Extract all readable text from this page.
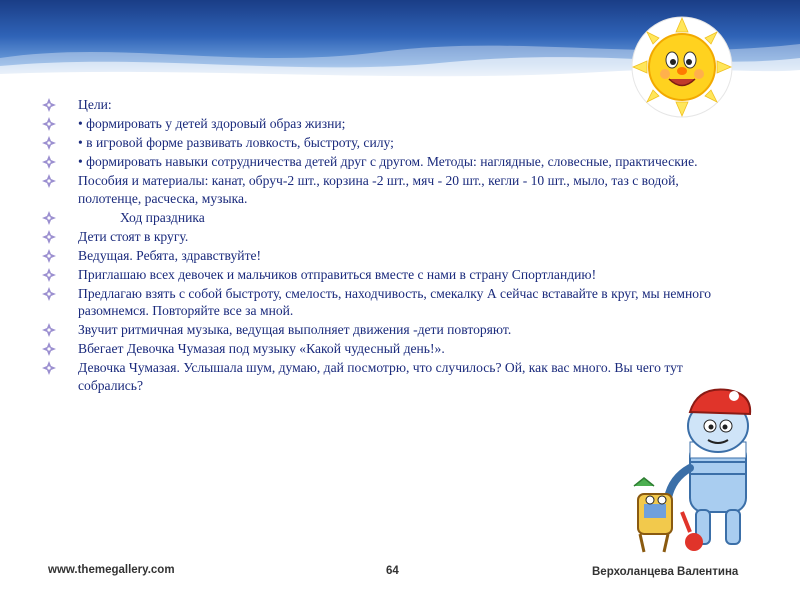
Цели:
• формировать у детей здоровый образ жизни;
• в игровой форме развивать ловкость, быстроту, силу;
• формировать навыки сотрудничества детей друг с другом. Методы: наглядные, словесные, практические.
Пособия и материалы: канат, обруч-2 шт., корзина -2 шт., мяч - 20 шт., кегли - 10 шт., мыло, таз с водой, полотенце, расческа, музыка.
Ход праздника
Дети стоят в кругу.
Ведущая. Ребята, здравствуйте!
Приглашаю всех девочек и мальчиков отправиться вместе с нами в страну Спортландию!
Предлагаю взять с собой быстроту, смелость, находчивость, смекалку А сейчас вставайте в круг, мы немного разомнемся. Повторяйте все за мной.
Звучит ритмичная музыка, ведущая выполняет движения -дети повторяют.
Вбегает Девочка Чумазая под музыку «Какой чудесный день!».
Девочка Чумазая. Услышала шум, думаю, дай посмотрю, что случилось? Ой, как вас много. Вы чего тут собрались?
www.themegallery.com	64	Верхоланцева Валентина
